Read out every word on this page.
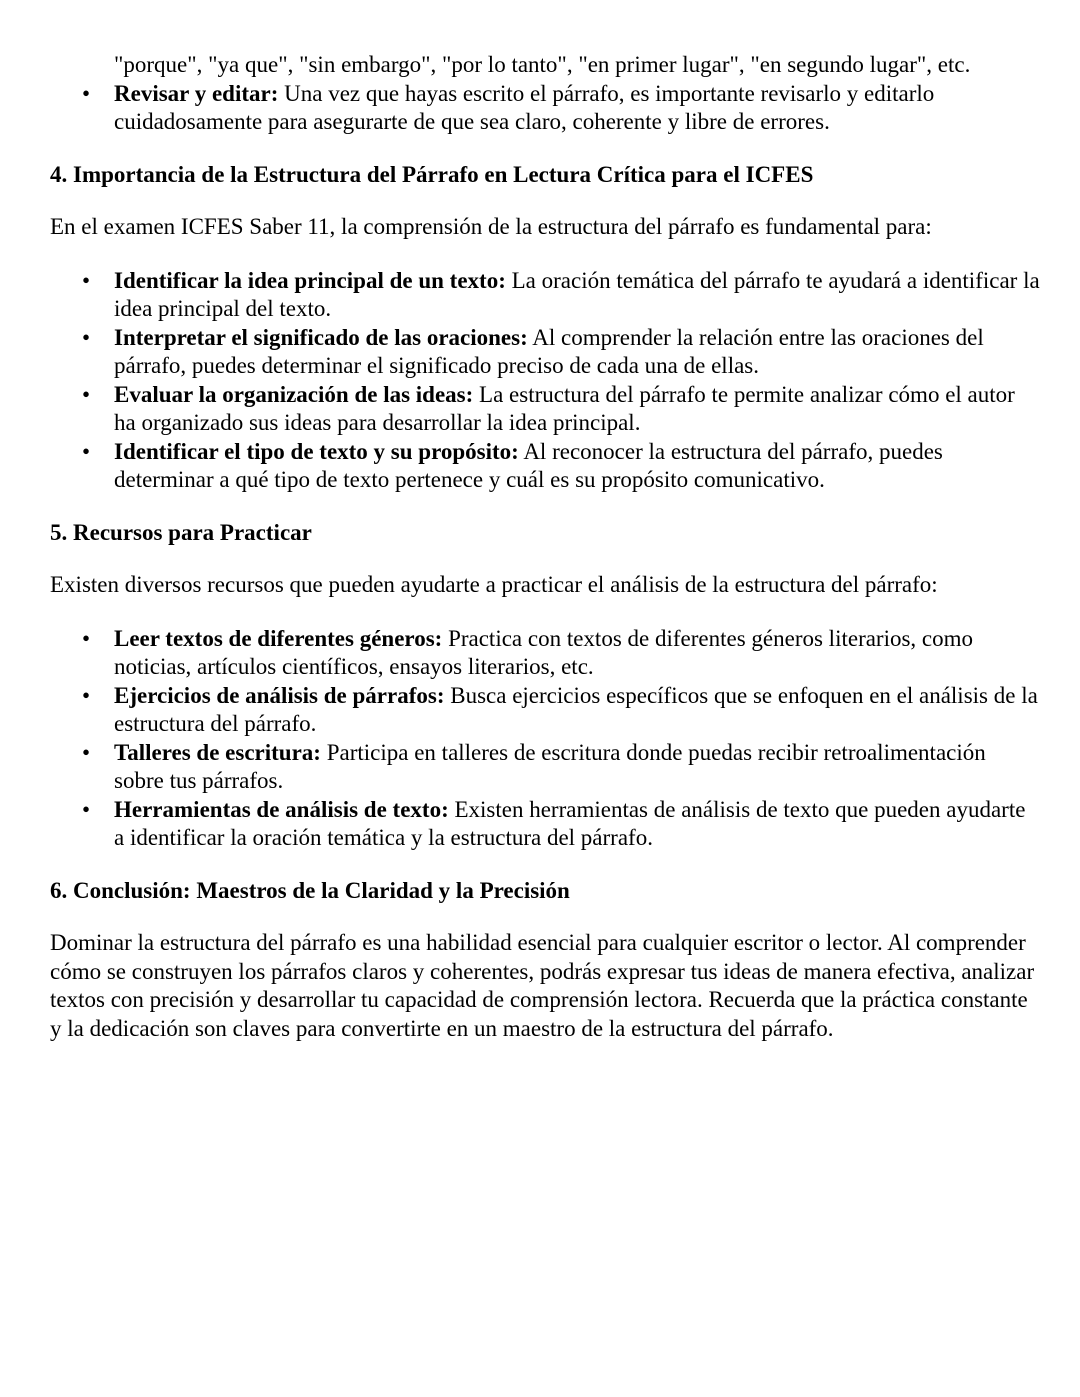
"porque", "ya que", "sin embargo", "por lo tanto", "en primer lugar", "en segundo lugar", etc.
• Revisar y editar: Una vez que hayas escrito el párrafo, es importante revisarlo y editarlo cuidadosamente para asegurarte de que sea claro, coherente y libre de errores.
4. Importancia de la Estructura del Párrafo en Lectura Crítica para el ICFES

En el examen ICFES Saber 11, la comprensión de la estructura del párrafo es fundamental para:

• Identificar la idea principal de un texto: La oración temática del párrafo te ayudará a identificar la idea principal del texto.
• Interpretar el significado de las oraciones: Al comprender la relación entre las oraciones del párrafo, puedes determinar el significado preciso de cada una de ellas.
• Evaluar la organización de las ideas: La estructura del párrafo te permite analizar cómo el autor ha organizado sus ideas para desarrollar la idea principal.
• Identificar el tipo de texto y su propósito: Al reconocer la estructura del párrafo, puedes determinar a qué tipo de texto pertenece y cuál es su propósito comunicativo.
5. Recursos para Practicar

Existen diversos recursos que pueden ayudarte a practicar el análisis de la estructura del párrafo:

• Leer textos de diferentes géneros: Practica con textos de diferentes géneros literarios, como noticias, artículos científicos, ensayos literarios, etc.
• Ejercicios de análisis de párrafos: Busca ejercicios específicos que se enfoquen en el análisis de la estructura del párrafo.
• Talleres de escritura: Participa en talleres de escritura donde puedas recibir retroalimentación sobre tus párrafos.
• Herramientas de análisis de texto: Existen herramientas de análisis de texto que pueden ayudarte a identificar la oración temática y la estructura del párrafo.
6. Conclusión: Maestros de la Claridad y la Precisión

Dominar la estructura del párrafo es una habilidad esencial para cualquier escritor o lector. Al comprender cómo se construyen los párrafos claros y coherentes, podrás expresar tus ideas de manera efectiva, analizar textos con precisión y desarrollar tu capacidad de comprensión lectora. Recuerda que la práctica constante y la dedicación son claves para convertirte en un maestro de la estructura del párrafo.
